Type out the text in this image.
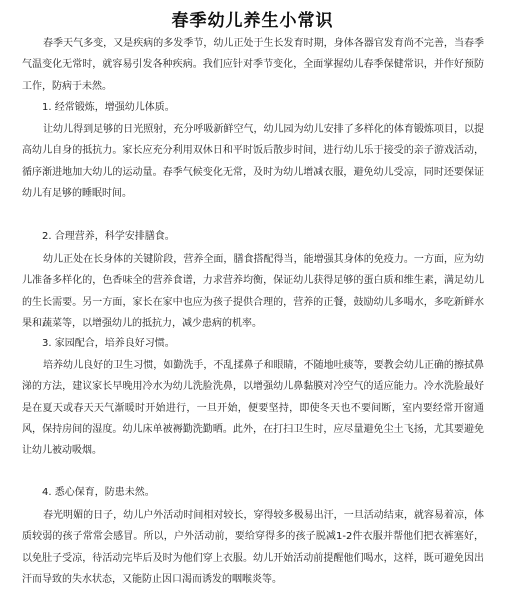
春季幼儿养生小常识

春季天气多变，又是疾病的多发季节，幼儿正处于生长发育时期，身体各器官发育尚不完善，当春季气温变化无常时，就容易引发各种疾病。我们应针对季节变化，全面掌握幼儿春季保健常识，并作好预防工作，防病于未然。

1. 经常锻炼，增强幼儿体质。

让幼儿得到足够的日光照射，充分呼吸新鲜空气，幼儿园为幼儿安排了多样化的体育锻炼项目，以提高幼儿自身的抵抗力。家长应充分利用双休日和平时饭后散步时间，进行幼儿乐于接受的亲子游戏活动，循序渐进地加大幼儿的运动量。春季气候变化无常，及时为幼儿增减衣服，避免幼儿受凉，同时还要保证幼儿有足够的睡眠时间。

2. 合理营养，科学安排膳食。

幼儿正处在长身体的关键阶段，营养全面，膳食搭配得当，能增强其身体的免疫力。一方面，应为幼儿准备多样化的，色香味全的营养食谱，力求营养均衡，保证幼儿获得足够的蛋白质和维生素，满足幼儿的生长需要。另一方面，家长在家中也应为孩子提供合理的，营养的正餐，鼓励幼儿多喝水，多吃新鲜水果和蔬菜等，以增强幼儿的抵抗力，减少患病的机率。

3. 家园配合，培养良好习惯。

培养幼儿良好的卫生习惯，如勤洗手，不乱揉鼻子和眼睛，不随地吐痰等，要教会幼儿正确的擦拭鼻涕的方法，建议家长早晚用冷水为幼儿洗脸洗鼻，以增强幼儿鼻黏膜对冷空气的适应能力。冷水洗脸最好是在夏天或春天天气渐暖时开始进行，一旦开始，便要坚持，即使冬天也不要间断，室内要经常开窗通风，保持房间的湿度。幼儿床单被褥勤洗勤晒。此外，在打扫卫生时，应尽量避免尘土飞扬，尤其要避免让幼儿被动吸烟。

4. 悉心保育，防患未然。

春光明媚的日子，幼儿户外活动时间相对较长，穿得较多极易出汗，一旦活动结束，就容易着凉，体质较弱的孩子常常会感冒。所以，户外活动前，要给穿得多的孩子脱减1-2件衣服并帮他们把衣裤塞好，以免肚子受凉，待活动完毕后及时为他们穿上衣服。幼儿开始活动前提醒他们喝水，这样，既可避免因出汗而导致的失水状态，又能防止因口渴而诱发的咽喉炎等。
